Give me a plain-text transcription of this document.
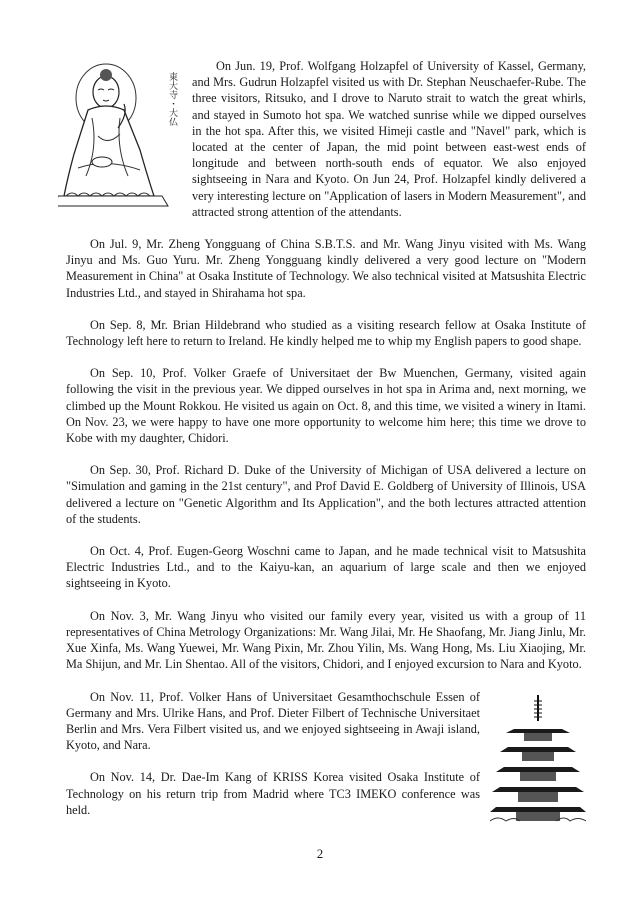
東大寺・大仏

On Jun. 19, Prof. Wolfgang Holzapfel of University of Kassel, Germany, and Mrs. Gudrun Holzapfel visited us with Dr. Stephan Neuschaefer-Rube. The three visitors, Ritsuko, and I drove to Naruto strait to watch the great whirls, and stayed in Sumoto hot spa. We watched sunrise while we dipped ourselves in the hot spa. After this, we visited Himeji castle and "Navel" park, which is located at the center of Japan, the mid point between east-west ends of longitude and between north-south ends of equator. We also enjoyed sightseeing in Nara and Kyoto. On Jun 24, Prof. Holzapfel kindly delivered a very interesting lecture on "Application of lasers in Modern Measurement", and attracted strong attention of the attendants.

On Jul. 9, Mr. Zheng Yongguang of China S.B.T.S. and Mr. Wang Jinyu visited with Ms. Wang Jinyu and Ms. Guo Yuru. Mr. Zheng Yongguang kindly delivered a very good lecture on "Modern Measurement in China" at Osaka Institute of Technology. We also technical visited at Matsushita Electric Industries Ltd., and stayed in Shirahama hot spa.

On Sep. 8, Mr. Brian Hildebrand who studied as a visiting research fellow at Osaka Institute of Technology left here to return to Ireland. He kindly helped me to whip my English papers to good shape.

On Sep. 10, Prof. Volker Graefe of Universitaet der Bw Muenchen, Germany, visited again following the visit in the previous year. We dipped ourselves in hot spa in Arima and, next morning, we climbed up the Mount Rokkou. He visited us again on Oct. 8, and this time, we visited a winery in Itami. On Nov. 23, we were happy to have one more opportunity to welcome him here; this time we drove to Kobe with my daughter, Chidori.

On Sep. 30, Prof. Richard D. Duke of the University of Michigan of USA delivered a lecture on "Simulation and gaming in the 21st century", and Prof David E. Goldberg of University of Illinois, USA delivered a lecture on "Genetic Algorithm and Its Application", and the both lectures attracted attention of the students.

On Oct. 4, Prof. Eugen-Georg Woschni came to Japan, and he made technical visit to Matsushita Electric Industries Ltd., and to the Kaiyu-kan, an aquarium of large scale and then we enjoyed sightseeing in Kyoto.

On Nov. 3, Mr. Wang Jinyu who visited our family every year, visited us with a group of 11 representatives of China Metrology Organizations: Mr. Wang Jilai, Mr. He Shaofang, Mr. Jiang Jinlu, Mr. Xue Xinfa, Ms. Wang Yuewei, Mr. Wang Pixin, Mr. Zhou Yilin, Ms. Wang Hong, Ms. Liu Xiaojing, Mr. Ma Shijun, and Mr. Lin Shentao. All of the visitors, Chidori, and I enjoyed excursion to Nara and Kyoto.

On Nov. 11, Prof. Volker Hans of Universitaet Gesamthochschule Essen of Germany and Mrs. Ulrike Hans, and Prof. Dieter Filbert of Technische Universitaet Berlin and Mrs. Vera Filbert visited us, and we enjoyed sightseeing in Awaji island, Kyoto, and Nara.

On Nov. 14, Dr. Dae-Im Kang of KRISS Korea visited Osaka Institute of Technology on his return trip from Madrid where TC3 IMEKO conference was held.

2
